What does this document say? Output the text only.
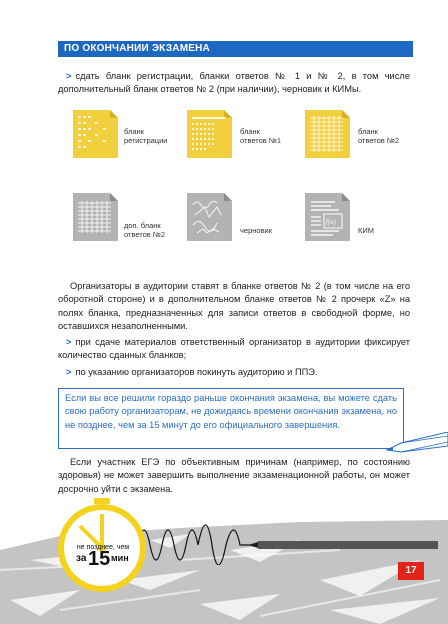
ПО ОКОНЧАНИИ ЭКЗАМЕНА
> сдать бланк регистрации, бланки ответов № 1 и № 2, в том числе дополнительный бланк ответов № 2 (при наличии), черновик и КИМы.
бланк
регистрации
бланк
ответов №1
бланк
ответов №2
доп. бланк
ответов №2	черновик
f(x)
КИМ
Организаторы в аудитории ставят в бланке ответов № 2 (в том числе на его оборотной стороне) и в дополнительном бланке ответов № 2 прочерк «Z» на полях бланка, предназначенных для записи ответов в свободной форме, но оставшихся незаполненными.
> при сдаче материалов ответственный организатор в аудитории фиксирует количество сданных бланков;
> по указанию организаторов покинуть аудиторию и ППЭ.
Если вы все решили гораздо раньше окончания экзамена, вы можете сдать свою работу организаторам, не дожидаясь времени окончания экзамена, но не позднее, чем за 15 минут до его официального завершения.
Если участник ЕГЭ по объективным причинам (например, по состоянию здоровья) не может завершить выполнение экзаменационной работы, он может досрочно уйти с экзамена.
не позднее, чем
за 15 мин
17
